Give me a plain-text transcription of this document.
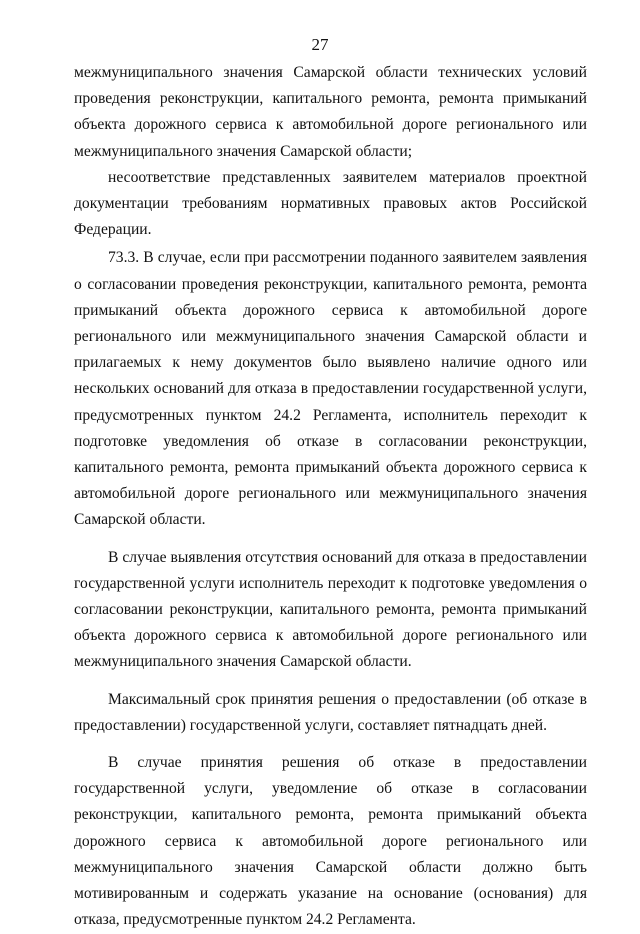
27

межмуниципального значения Самарской области технических условий проведения реконструкции, капитального ремонта, ремонта примыканий объекта дорожного сервиса к автомобильной дороге регионального или межмуниципального значения Самарской области;

несоответствие представленных заявителем материалов проектной документации требованиям нормативных правовых актов Российской Федерации.

73.3. В случае, если при рассмотрении поданного заявителем заявления о согласовании проведения реконструкции, капитального ремонта, ремонта примыканий объекта дорожного сервиса к автомобильной дороге регионального или межмуниципального значения Самарской области и прилагаемых к нему документов было выявлено наличие одного или нескольких оснований для отказа в предоставлении государственной услуги, предусмотренных пунктом 24.2 Регламента, исполнитель переходит к подготовке уведомления об отказе в согласовании реконструкции, капитального ремонта, ремонта примыканий объекта дорожного сервиса к автомобильной дороге регионального или межмуниципального значения Самарской области.

В случае выявления отсутствия оснований для отказа в предоставлении государственной услуги исполнитель переходит к подготовке уведомления о согласовании реконструкции, капитального ремонта, ремонта примыканий объекта дорожного сервиса к автомобильной дороге регионального или межмуниципального значения Самарской области.

Максимальный срок принятия решения о предоставлении (об отказе в предоставлении) государственной услуги, составляет пятнадцать дней.

В случае принятия решения об отказе в предоставлении государственной услуги, уведомление об отказе в согласовании реконструкции, капитального ремонта, ремонта примыканий объекта дорожного сервиса к автомобильной дороге регионального или межмуниципального значения Самарской области должно быть мотивированным и содержать указание на основание (основания) для отказа, предусмотренные пунктом 24.2 Регламента.
